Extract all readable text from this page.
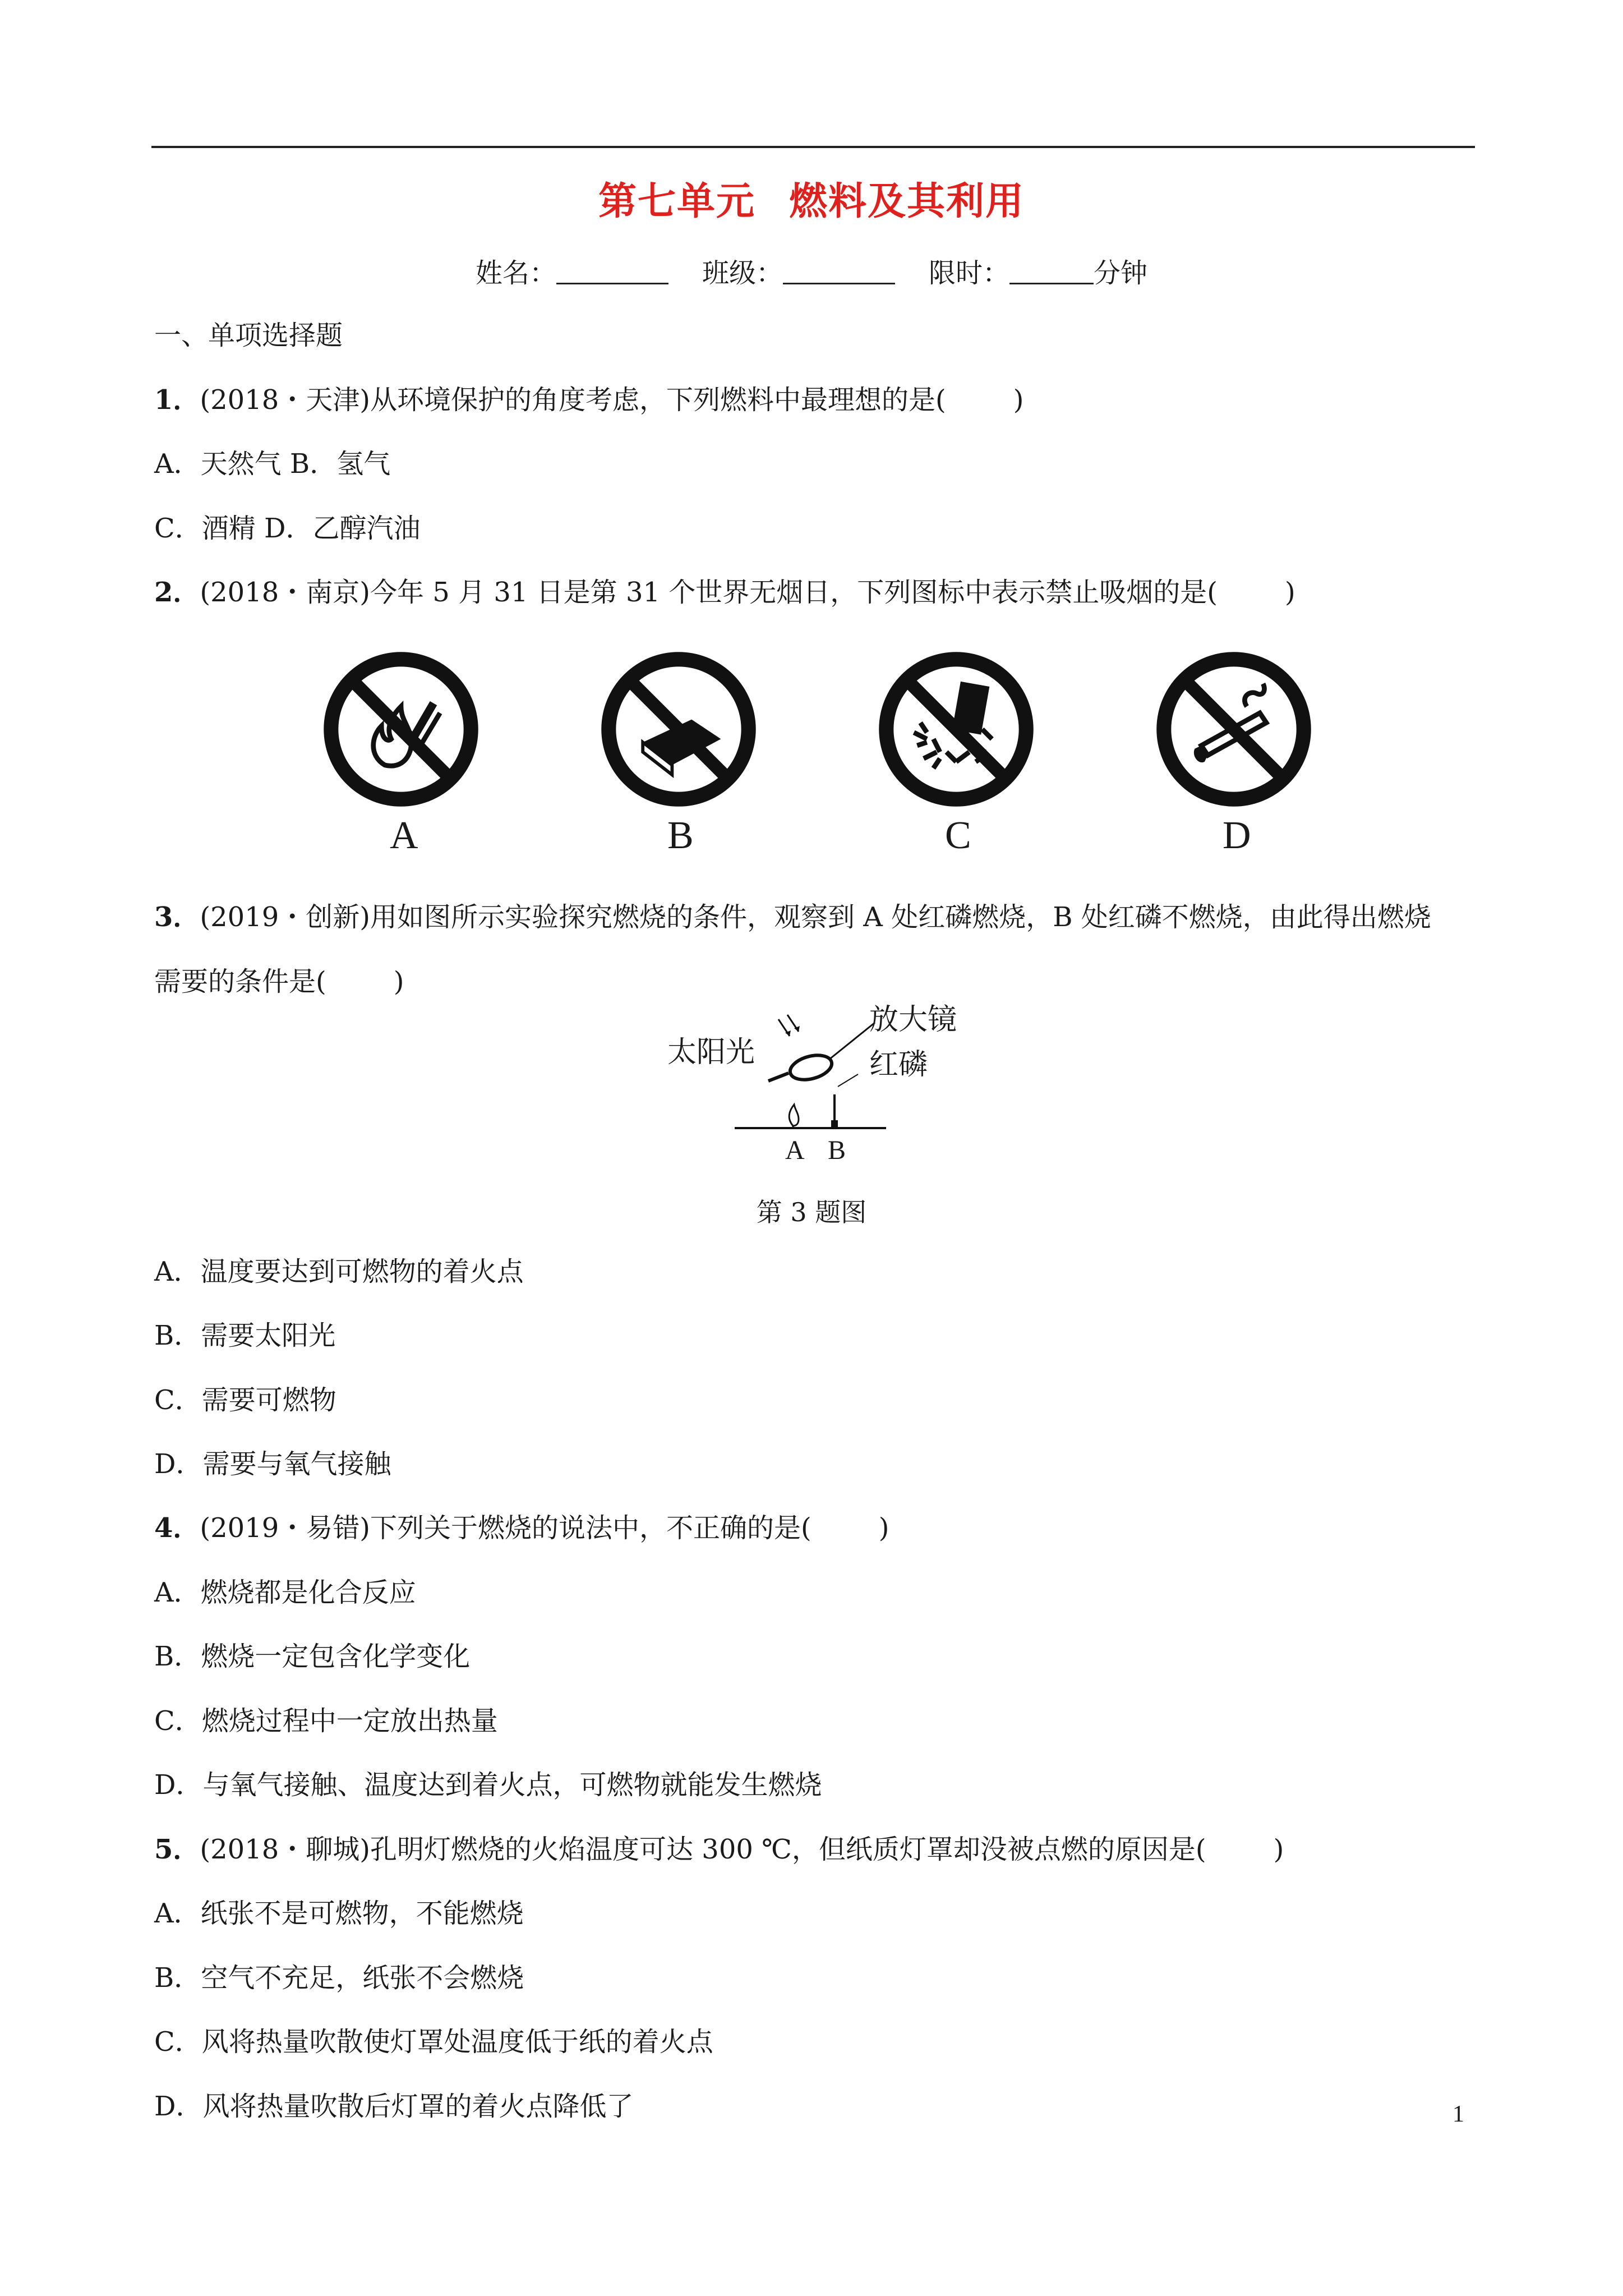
第七单元 燃料及其利用
姓名：	班级：	限时：	分钟
一、单项选择题
1．(2018・天津)从环境保护的角度考虑，下列燃料中最理想的是(	)
A．天然气 B．氢气
C．酒精 D．乙醇汽油
2．(2018・南京)今年 5 月 31 日是第 31 个世界无烟日，下列图标中表示禁止吸烟的是(	)
A	B	C	D
3．(2019・创新)用如图所示实验探究燃烧的条件，观察到 A 处红磷燃烧，B 处红磷不燃烧，由此得出燃烧
需要的条件是(	)
太阳光
放大镜
红磷
A B
第 3 题图
A．温度要达到可燃物的着火点
B．需要太阳光
C．需要可燃物
D．需要与氧气接触
4．(2019・易错)下列关于燃烧的说法中，不正确的是(	)
A．燃烧都是化合反应
B．燃烧一定包含化学变化
C．燃烧过程中一定放出热量
D．与氧气接触、温度达到着火点，可燃物就能发生燃烧
5．(2018・聊城)孔明灯燃烧的火焰温度可达 300 ℃，但纸质灯罩却没被点燃的原因是(	)
A．纸张不是可燃物，不能燃烧
B．空气不充足，纸张不会燃烧
C．风将热量吹散使灯罩处温度低于纸的着火点
D．风将热量吹散后灯罩的着火点降低了	1
